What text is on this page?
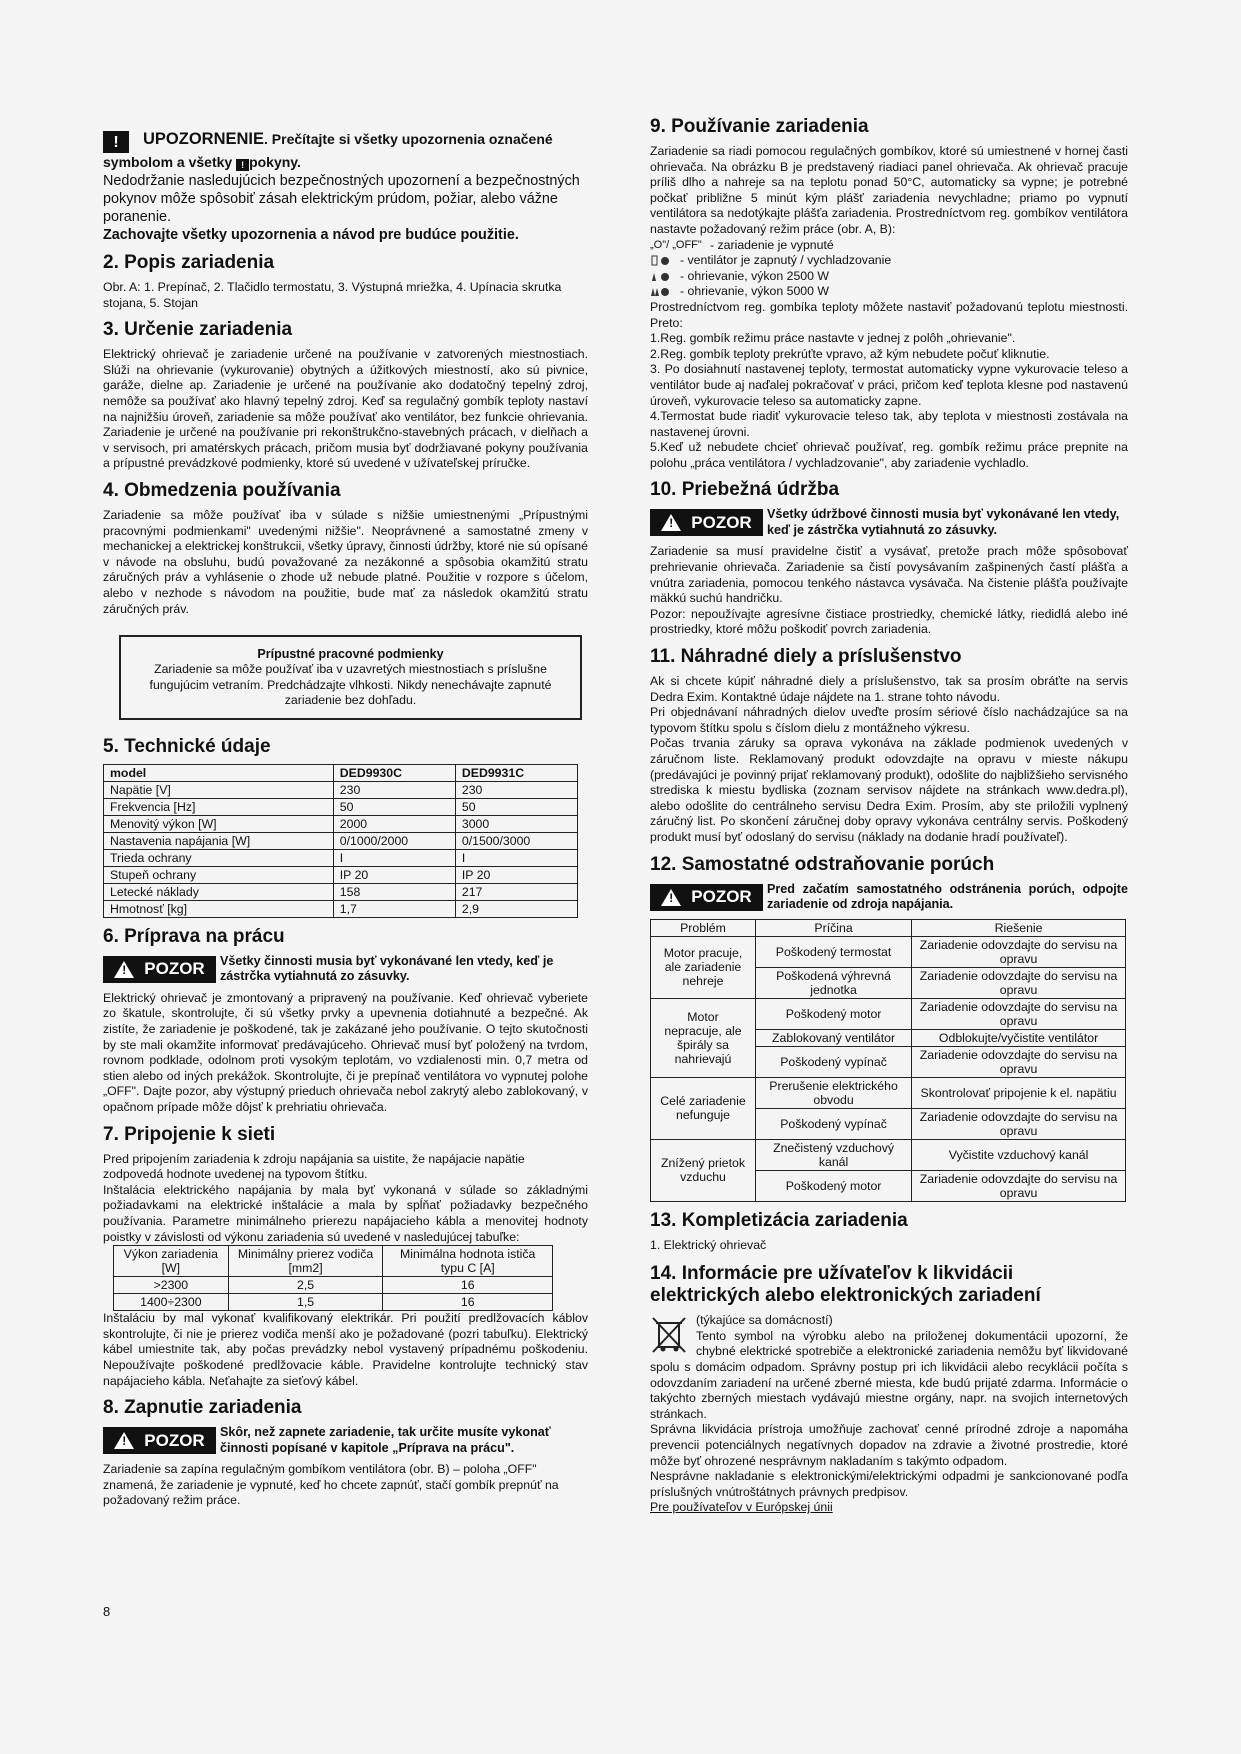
! UPOZORNENIE. Prečítajte si všetky upozornenia označené symbolom a všetky ! pokyny.

Nedodržanie nasledujúcich bezpečnostných upozornení a bezpečnostných pokynov môže spôsobiť zásah elektrickým prúdom, požiar, alebo vážne poranenie.

Zachovajte všetky upozornenia a návod pre budúce použitie.

2. Popis zariadenia

Obr. A: 1. Prepínač, 2. Tlačidlo termostatu, 3. Výstupná mriežka, 4. Upínacia skrutka stojana, 5. Stojan

3. Určenie zariadenia

Elektrický ohrievač je zariadenie určené na používanie v zatvorených miestnostiach. Slúži na ohrievanie (vykurovanie) obytných a úžitkových miestností, ako sú pivnice, garáže, dielne ap. Zariadenie je určené na používanie ako dodatočný tepelný zdroj, nemôže sa používať ako hlavný tepelný zdroj. Keď sa regulačný gombík teploty nastaví na najnižšiu úroveň, zariadenie sa môže používať ako ventilátor, bez funkcie ohrievania. Zariadenie je určené na používanie pri rekonštrukčno-stavebných prácach, v dielňach a v servisoch, pri amatérskych prácach, pričom musia byť dodržiavané pokyny používania a prípustné prevádzkové podmienky, ktoré sú uvedené v užívateľskej príručke.

4. Obmedzenia používania

Zariadenie sa môže používať iba v súlade s nižšie umiestnenými „Prípustnými pracovnými podmienkami" uvedenými nižšie". Neoprávnené a samostatné zmeny v mechanickej a elektrickej konštrukcii, všetky úpravy, činnosti údržby, ktoré nie sú opísané v návode na obsluhu, budú považované za nezákonné a spôsobia okamžitú stratu záručných práv a vyhlásenie o zhode už nebude platné. Použitie v rozpore s účelom, alebo v nezhode s návodom na použitie, bude mať za následok okamžitú stratu záručných práv.

Prípustné pracovné podmienky

Zariadenie sa môže používať iba v uzavretých miestnostiach s príslušne fungujúcim vetraním. Predchádzajte vlhkosti. Nikdy nenechávajte zapnuté zariadenie bez dohľadu.

5. Technické údaje
model	DED9930C	DED9931C
Napätie [V]	230	230
Frekvencia [Hz]	50	50
Menovitý výkon [W]	2000	3000
Nastavenia napájania [W]	0/1000/2000	0/1500/3000
Trieda ochrany	I	I
Stupeň ochrany	IP 20	IP 20
Letecké náklady	158	217
Hmotnosť [kg]	1,7	2,9
6. Príprava na prácu
! POZOR Všetky činnosti musia byť vykonávané len vtedy, keď je zástrčka vytiahnutá zo zásuvky.

Elektrický ohrievač je zmontovaný a pripravený na používanie. Keď ohrievač vyberiete zo škatule, skontrolujte, či sú všetky prvky a upevnenia dotiahnuté a bezpečné. Ak zistíte, že zariadenie je poškodené, tak je zakázané jeho používanie. O tejto skutočnosti by ste mali okamžite informovať predávajúceho. Ohrievač musí byť položený na tvrdom, rovnom podklade, odolnom proti vysokým teplotám, vo vzdialenosti min. 0,7 metra od stien alebo od iných prekážok. Skontrolujte, či je prepínač ventilátora vo vypnutej polohe „OFF". Dajte pozor, aby výstupný prieduch ohrievača nebol zakrytý alebo zablokovaný, v opačnom prípade môže dôjsť k prehriatiu ohrievača.

7. Pripojenie k sieti

Pred pripojením zariadenia k zdroju napájania sa uistite, že napájacie napätie zodpovedá hodnote uvedenej na typovom štítku.

Inštalácia elektrického napájania by mala byť vykonaná v súlade so základnými požiadavkami na elektrické inštalácie a mala by spĺňať požiadavky bezpečného používania. Parametre minimálneho prierezu napájacieho kábla a menovitej hodnoty poistky v závislosti od výkonu zariadenia sú uvedené v nasledujúcej tabuľke:

Výkon zariadenia [W]	Minimálny prierez vodiča [mm2]	Minimálna hodnota ističa typu C [A]
>2300	2,5	16
1400÷2300	1,5	16

Inštaláciu by mal vykonať kvalifikovaný elektrikár. Pri použití predlžovacích káblov skontrolujte, či nie je prierez vodiča menší ako je požadované (pozri tabuľku). Elektrický kábel umiestnite tak, aby počas prevádzky nebol vystavený prípadnému poškodeniu. Nepoužívajte poškodené predlžovacie káble. Pravidelne kontrolujte technický stav napájacieho kábla. Neťahajte za sieťový kábel.

8. Zapnutie zariadenia
! POZOR Skôr, než zapnete zariadenie, tak určite musíte vykonať činnosti popísané v kapitole „Príprava na prácu".

Zariadenie sa zapína regulačným gombíkom ventilátora (obr. B) – poloha „OFF" znamená, že zariadenie je vypnuté, keď ho chcete zapnúť, stačí gombík prepnúť na požadovaný režim práce.

9. Používanie zariadenia

Zariadenie sa riadi pomocou regulačných gombíkov, ktoré sú umiestnené v hornej časti ohrievača. Na obrázku B je predstavený riadiaci panel ohrievača. Ak ohrievač pracuje príliš dlho a nahreje sa na teplotu ponad 50°C, automaticky sa vypne; je potrebné počkať približne 5 minút kým plášť zariadenia nevychladne; priamo po vypnutí ventilátora sa nedotýkajte plášťa zariadenia. Prostredníctvom reg. gombíkov ventilátora nastavte požadovaný režim práce (obr. A, B):

„O"/ „OFF" - zariadenie je vypnuté
- ventilátor je zapnutý / vychladzovanie
- ohrievanie, výkon 2500 W
- ohrievanie, výkon 5000 W

Prostredníctvom reg. gombíka teploty môžete nastaviť požadovanú teplotu miestnosti. Preto:

1.Reg. gombík režimu práce nastavte v jednej z polôh „ohrievanie".

2.Reg. gombík teploty prekrúťte vpravo, až kým nebudete počuť kliknutie.

3. Po dosiahnutí nastavenej teploty, termostat automaticky vypne vykurovacie teleso a ventilátor bude aj naďalej pokračovať v práci, pričom keď teplota klesne pod nastavenú úroveň, vykurovacie teleso sa automaticky zapne.

4.Termostat bude riadiť vykurovacie teleso tak, aby teplota v miestnosti zostávala na nastavenej úrovni.

5.Keď už nebudete chcieť ohrievač používať, reg. gombík režimu práce prepnite na polohu „práca ventilátora / vychladzovanie", aby zariadenie vychladlo.

10. Priebežná údržba
! POZOR Všetky údržbové činnosti musia byť vykonávané len vtedy, keď je zástrčka vytiahnutá zo zásuvky.

Zariadenie sa musí pravidelne čistiť a vysávať, pretože prach môže spôsobovať prehrievanie ohrievača. Zariadenie sa čistí povysávaním zašpinených častí plášťa a vnútra zariadenia, pomocou tenkého nástavca vysávača. Na čistenie plášťa používajte mäkkú suchú handričku.

Pozor: nepoužívajte agresívne čistiace prostriedky, chemické látky, riedidlá alebo iné prostriedky, ktoré môžu poškodiť povrch zariadenia.

11. Náhradné diely a príslušenstvo

Ak si chcete kúpiť náhradné diely a príslušenstvo, tak sa prosím obráťte na servis Dedra Exim. Kontaktné údaje nájdete na 1. strane tohto návodu.

Pri objednávaní náhradných dielov uveďte prosím sériové číslo nachádzajúce sa na typovom štítku spolu s číslom dielu z montážneho výkresu.

Počas trvania záruky sa oprava vykonáva na základe podmienok uvedených v záručnom liste. Reklamovaný produkt odovzdajte na opravu v mieste nákupu (predávajúci je povinný prijať reklamovaný produkt), odošlite do najbližšieho servisného strediska k miestu bydliska (zoznam servisov nájdete na stránkach www.dedra.pl), alebo odošlite do centrálneho servisu Dedra Exim. Prosím, aby ste priložili vyplnený záručný list. Po skončení záručnej doby opravy vykonáva centrálny servis. Poškodený produkt musí byť odoslaný do servisu (náklady na dodanie hradí používateľ).

12. Samostatné odstraňovanie porúch
! POZOR Pred začatím samostatného odstránenia porúch, odpojte zariadenie od zdroja napájania.
Problém	Príčina	Riešenie
Motor pracuje, ale zariadenie nehreje	Poškodený termostat	Zariadenie odovzdajte do servisu na opravu
	Poškodená výhrevná jednotka	Zariadenie odovzdajte do servisu na opravu
Motor nepracuje, ale špirály sa nahrievajú	Poškodený motor	Zariadenie odovzdajte do servisu na opravu
	Zablokovaný ventilátor	Odblokujte/vyčistite ventilátor
	Poškodený vypínač	Zariadenie odovzdajte do servisu na opravu
Celé zariadenie nefunguje	Prerušenie elektrického obvodu	Skontrolovať pripojenie k el. napätiu
	Poškodený vypínač	Zariadenie odovzdajte do servisu na opravu
Znížený prietok vzduchu	Znečistený vzduchový kanál	Vyčistite vzduchový kanál
	Poškodený motor	Zariadenie odovzdajte do servisu na opravu
13. Kompletizácia zariadenia

1. Elektrický ohrievač

14. Informácie pre užívateľov k likvidácii elektrických alebo elektronických zariadení

(týkajúce sa domácností)

Tento symbol na výrobku alebo na priloženej dokumentácii upozorní, že chybné elektrické spotrebiče a elektronické zariadenia nemôžu byť likvidované spolu s domácim odpadom. Správny postup pri ich likvidácii alebo recyklácii počíta s odovzdaním zariadení na určené zberné miesta, kde budú prijaté zdarma. Informácie o takýchto zberných miestach vydávajú miestne orgány, napr. na svojich internetových stránkach.

Správna likvidácia prístroja umožňuje zachovať cenné prírodné zdroje a napomáha prevencii potenciálnych negatívnych dopadov na zdravie a životné prostredie, ktoré môže byť ohrozené nesprávnym nakladaním s takýmto odpadom.

Nesprávne nakladanie s elektronickými/elektrickými odpadmi je sankcionované podľa príslušných vnútroštátnych právnych predpisov.

Pre používateľov v Európskej únii

8
